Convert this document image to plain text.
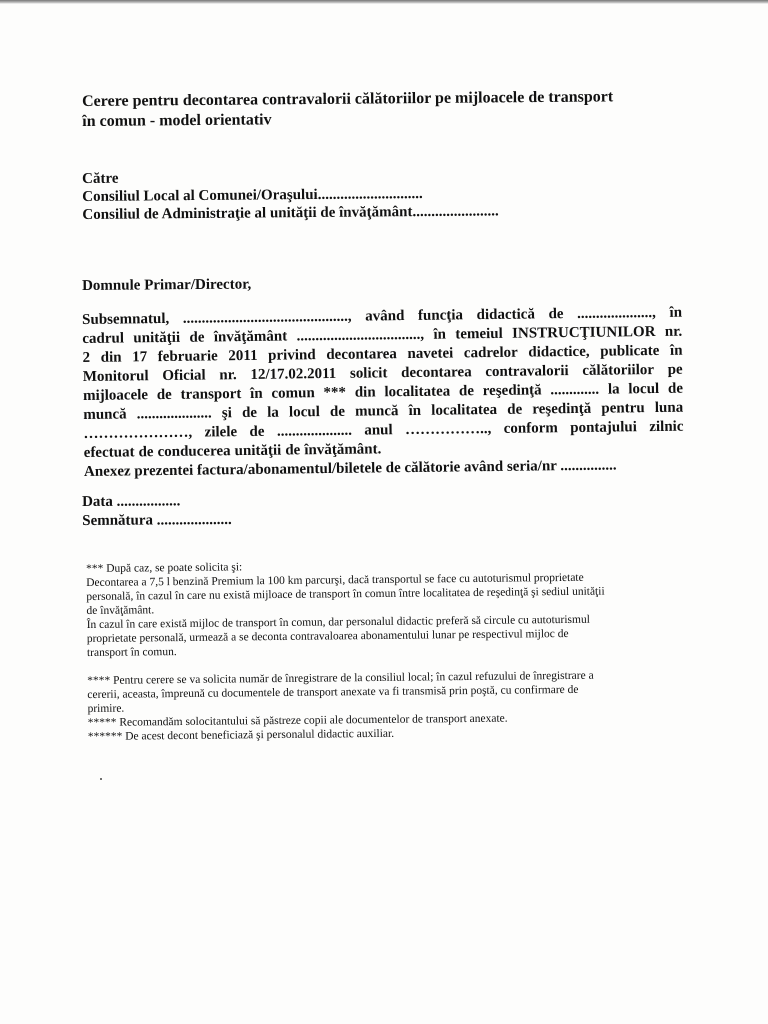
Cerere pentru decontarea contravalorii călătoriilor pe mijloacele de transport
în comun - model orientativ
Către
Consiliul Local al Comunei/Oraşului............................
Consiliul de Administraţie al unităţii de învăţământ.......................
Domnule Primar/Director,
Subsemnatul, ............................................, având funcţia didactică de ...................., în
cadrul unităţii de învăţământ ................................., în temeiul INSTRUCŢIUNILOR nr.
2 din 17 februarie 2011 privind decontarea navetei cadrelor didactice, publicate în
Monitorul Oficial nr. 12/17.02.2011 solicit decontarea contravalorii călătoriilor pe
mijloacele de transport în comun *** din localitatea de reşedinţă ............. la locul de
muncă .................... şi de la locul de muncă în localitatea de reşedinţă pentru luna
…………………, zilele de .................... anul …………….., conform pontajului zilnic
efectuat de conducerea unităţii de învăţământ.
Anexez prezentei factura/abonamentul/biletele de călătorie având seria/nr ...............
Data .................
Semnătura ....................
*** După caz, se poate solicita şi:
Decontarea a 7,5 l benzină Premium la 100 km parcurşi, dacă transportul se face cu autoturismul proprietate
personală, în cazul în care nu există mijloace de transport în comun între localitatea de reşedinţă şi sediul unităţii
de învăţământ.
În cazul în care există mijloc de transport în comun, dar personalul didactic preferă să circule cu autoturismul
proprietate personală, urmează a se deconta contravaloarea abonamentului lunar pe respectivul mijloc de
transport în comun.
**** Pentru cerere se va solicita număr de înregistrare de la consiliul local; în cazul refuzului de înregistrare a
cererii, aceasta, împreună cu documentele de transport anexate va fi transmisă prin poştă, cu confirmare de
primire.
***** Recomandăm solocitantului să păstreze copii ale documentelor de transport anexate.
****** De acest decont beneficiază şi personalul didactic auxiliar.
